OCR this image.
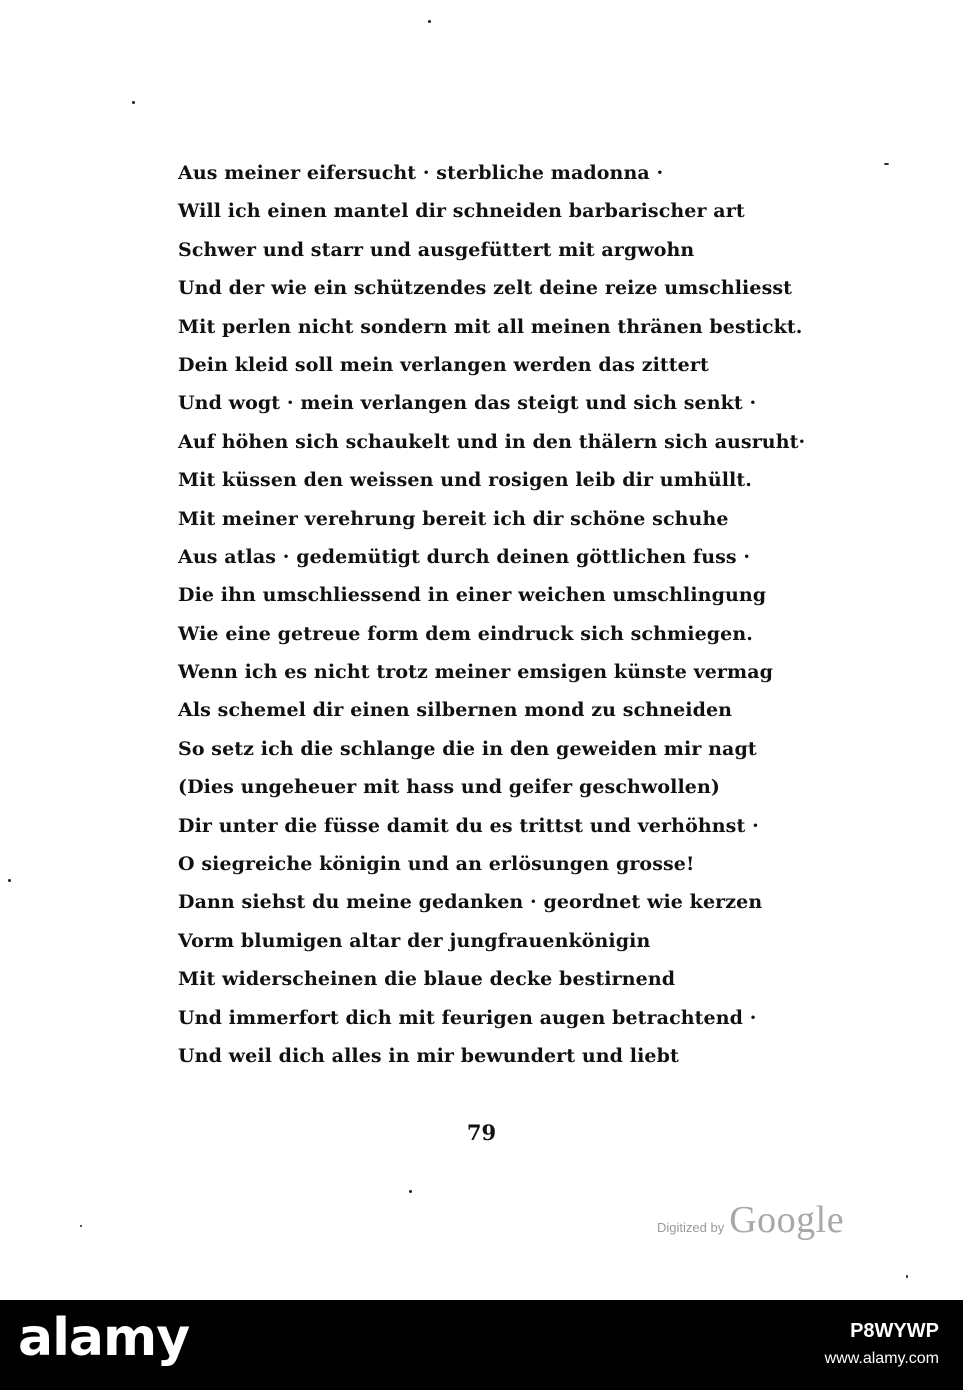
Aus meiner eifersucht · sterbliche madonna ·
Will ich einen mantel dir schneiden barbarischer art
Schwer und starr und ausgefüttert mit argwohn
Und der wie ein schützendes zelt deine reize umschliesst
Mit perlen nicht sondern mit all meinen thränen bestickt.
Dein kleid soll mein verlangen werden das zittert
Und wogt · mein verlangen das steigt und sich senkt ·
Auf höhen sich schaukelt und in den thälern sich ausruht·
Mit küssen den weissen und rosigen leib dir umhüllt.
Mit meiner verehrung bereit ich dir schöne schuhe
Aus atlas · gedemütigt durch deinen göttlichen fuss ·
Die ihn umschliessend in einer weichen umschlingung
Wie eine getreue form dem eindruck sich schmiegen.
Wenn ich es nicht trotz meiner emsigen künste vermag
Als schemel dir einen silbernen mond zu schneiden
So setz ich die schlange die in den geweiden mir nagt
(Dies ungeheuer mit hass und geifer geschwollen)
Dir unter die füsse damit du es trittst und verhöhnst ·
O siegreiche königin und an erlösungen grosse!
Dann siehst du meine gedanken · geordnet wie kerzen
Vorm blumigen altar der jungfrauenkönigin
Mit widerscheinen die blaue decke bestirnend
Und immerfort dich mit feurigen augen betrachtend ·
Und weil dich alles in mir bewundert und liebt
79
Digitized by Google
alamy	P8WYWP
www.alamy.com
